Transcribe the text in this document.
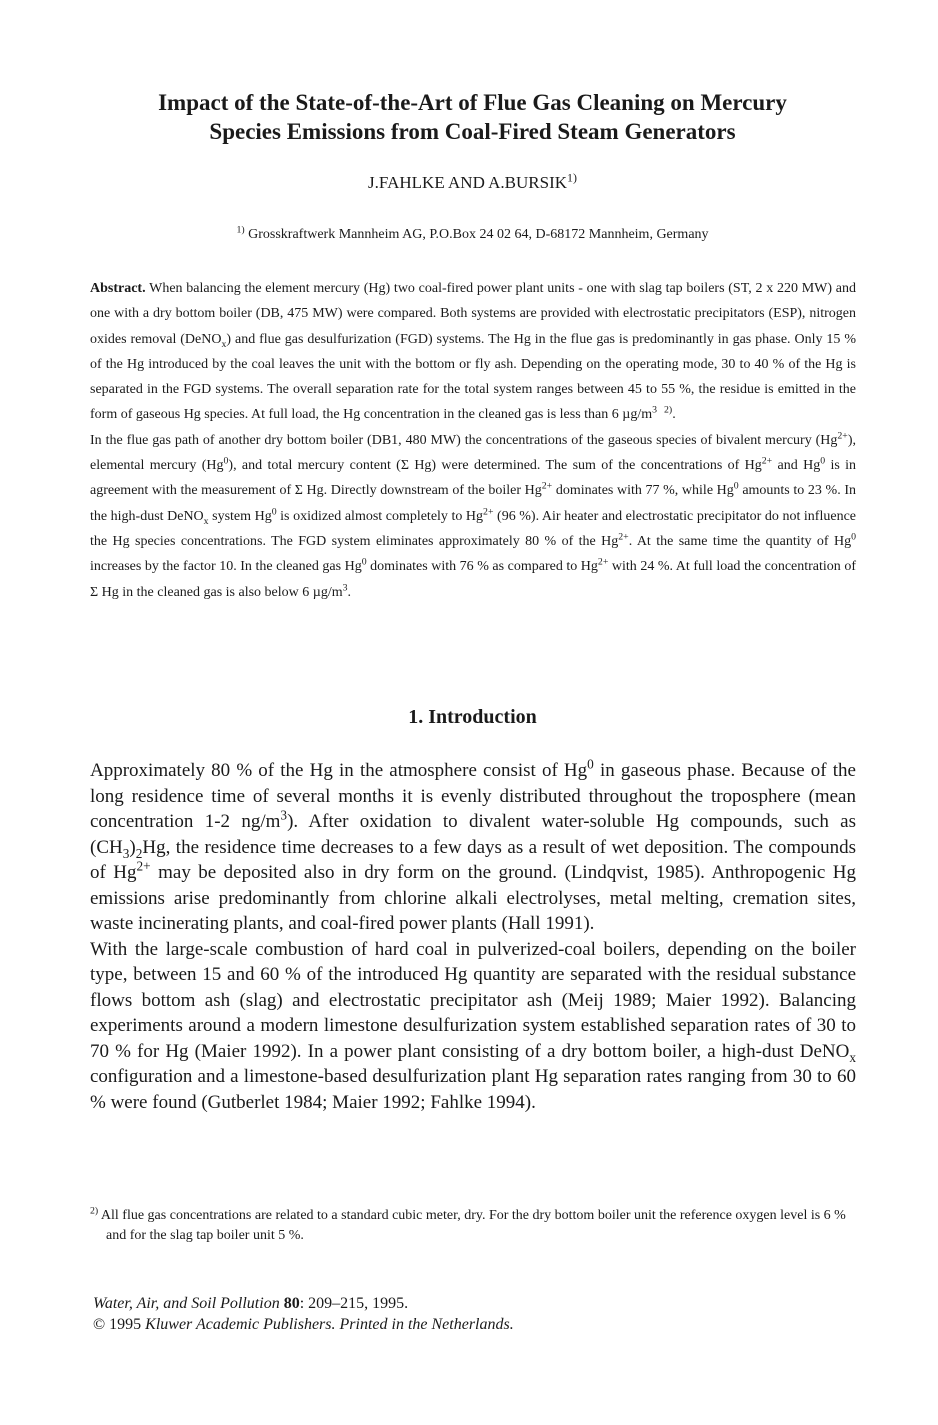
Impact of the State-of-the-Art of Flue Gas Cleaning on Mercury
Species Emissions from Coal-Fired Steam Generators
J.FAHLKE AND A.BURSIK$^{1)}$
$^{1)}$ Grosskraftwerk Mannheim AG, P.O.Box 24 02 64, D-68172 Mannheim, Germany

Abstract. When balancing the element mercury (Hg) two coal-fired power plant units - one with slag tap boilers (ST, 2 x 220 MW) and one with a dry bottom boiler (DB, 475 MW) were compared. Both systems are provided with electrostatic precipitators (ESP), nitrogen oxides removal (DeNO$_x$) and flue gas desulfurization (FGD) systems. The Hg in the flue gas is predominantly in gas phase. Only 15 % of the Hg introduced by the coal leaves the unit with the bottom or fly ash. Depending on the operating mode, 30 to 40 % of the Hg is separated in the FGD systems. The overall separation rate for the total system ranges between 45 to 55 %, the residue is emitted in the form of gaseous Hg species. At full load, the Hg concentration in the cleaned gas is less than 6 $\mu g/m^3$ $^{2)}$.

In the flue gas path of another dry bottom boiler (DB1, 480 MW) the concentrations of the gaseous species of bivalent mercury $(Hg^{2+})$, elemental mercury (Hg$^0$), and total mercury content (Σ Hg) were determined. The sum of the concentrations of $Hg^{2+}$ and Hg$^0$ is in agreement with the measurement of Σ Hg. Directly downstream of the boiler $Hg^{2+}$ dominates with 77 %, while Hg$^0$ amounts to 23 %. In the high-dust DeNO$_x$ system Hg$^0$ is oxidized almost completely to $Hg^{2+}$ (96 %). Air heater and electrostatic precipitator do not influence the Hg species concentrations. The FGD system eliminates approximately 80 % of the $Hg^{2+}$. At the same time the quantity of Hg$^0$ increases by the factor 10. In the cleaned gas Hg$^0$ dominates with 76 % as compared to $Hg^{2+}$ with 24 %. At full load the concentration of Σ Hg in the cleaned gas is also below 6 $\mu g/m^3$.

1. Introduction

Approximately 80 % of the Hg in the atmosphere consist of Hg$^0$ in gaseous phase. Because of the long residence time of several months it is evenly distributed throughout the troposphere (mean concentration 1-2 $ng/m^3$). After oxidation to divalent water-soluble Hg compounds, such as $(CH_3)_2Hg$, the residence time decreases to a few days as a result of wet deposition. The compounds of $Hg^{2+}$ may be deposited also in dry form on the ground. (Lindqvist, 1985). Anthropogenic Hg emissions arise predominantly from chlorine alkali electrolyses, metal melting, cremation sites, waste incinerating plants, and coal-fired power plants (Hall 1991).

With the large-scale combustion of hard coal in pulverized-coal boilers, depending on the boiler type, between 15 and 60 % of the introduced Hg quantity are separated with the residual substance flows bottom ash (slag) and electrostatic precipitator ash (Meij 1989; Maier 1992). Balancing experiments around a modern limestone desulfurization system established separation rates of 30 to 70 % for Hg (Maier 1992). In a power plant consisting of a dry bottom boiler, a high-dust DeNO$_x$ configuration and a limestone-based desulfurization plant Hg separation rates ranging from 30 to 60 % were found (Gutberlet 1984; Maier 1992; Fahlke 1994).

$^{2)}$ All flue gas concentrations are related to a standard cubic meter, dry. For the dry bottom boiler unit the reference oxygen level is 6 % and for the slag tap boiler unit 5 %.
Water, Air, and Soil Pollution 80: 209–215, 1995.
© 1995 Kluwer Academic Publishers. Printed in the Netherlands.
